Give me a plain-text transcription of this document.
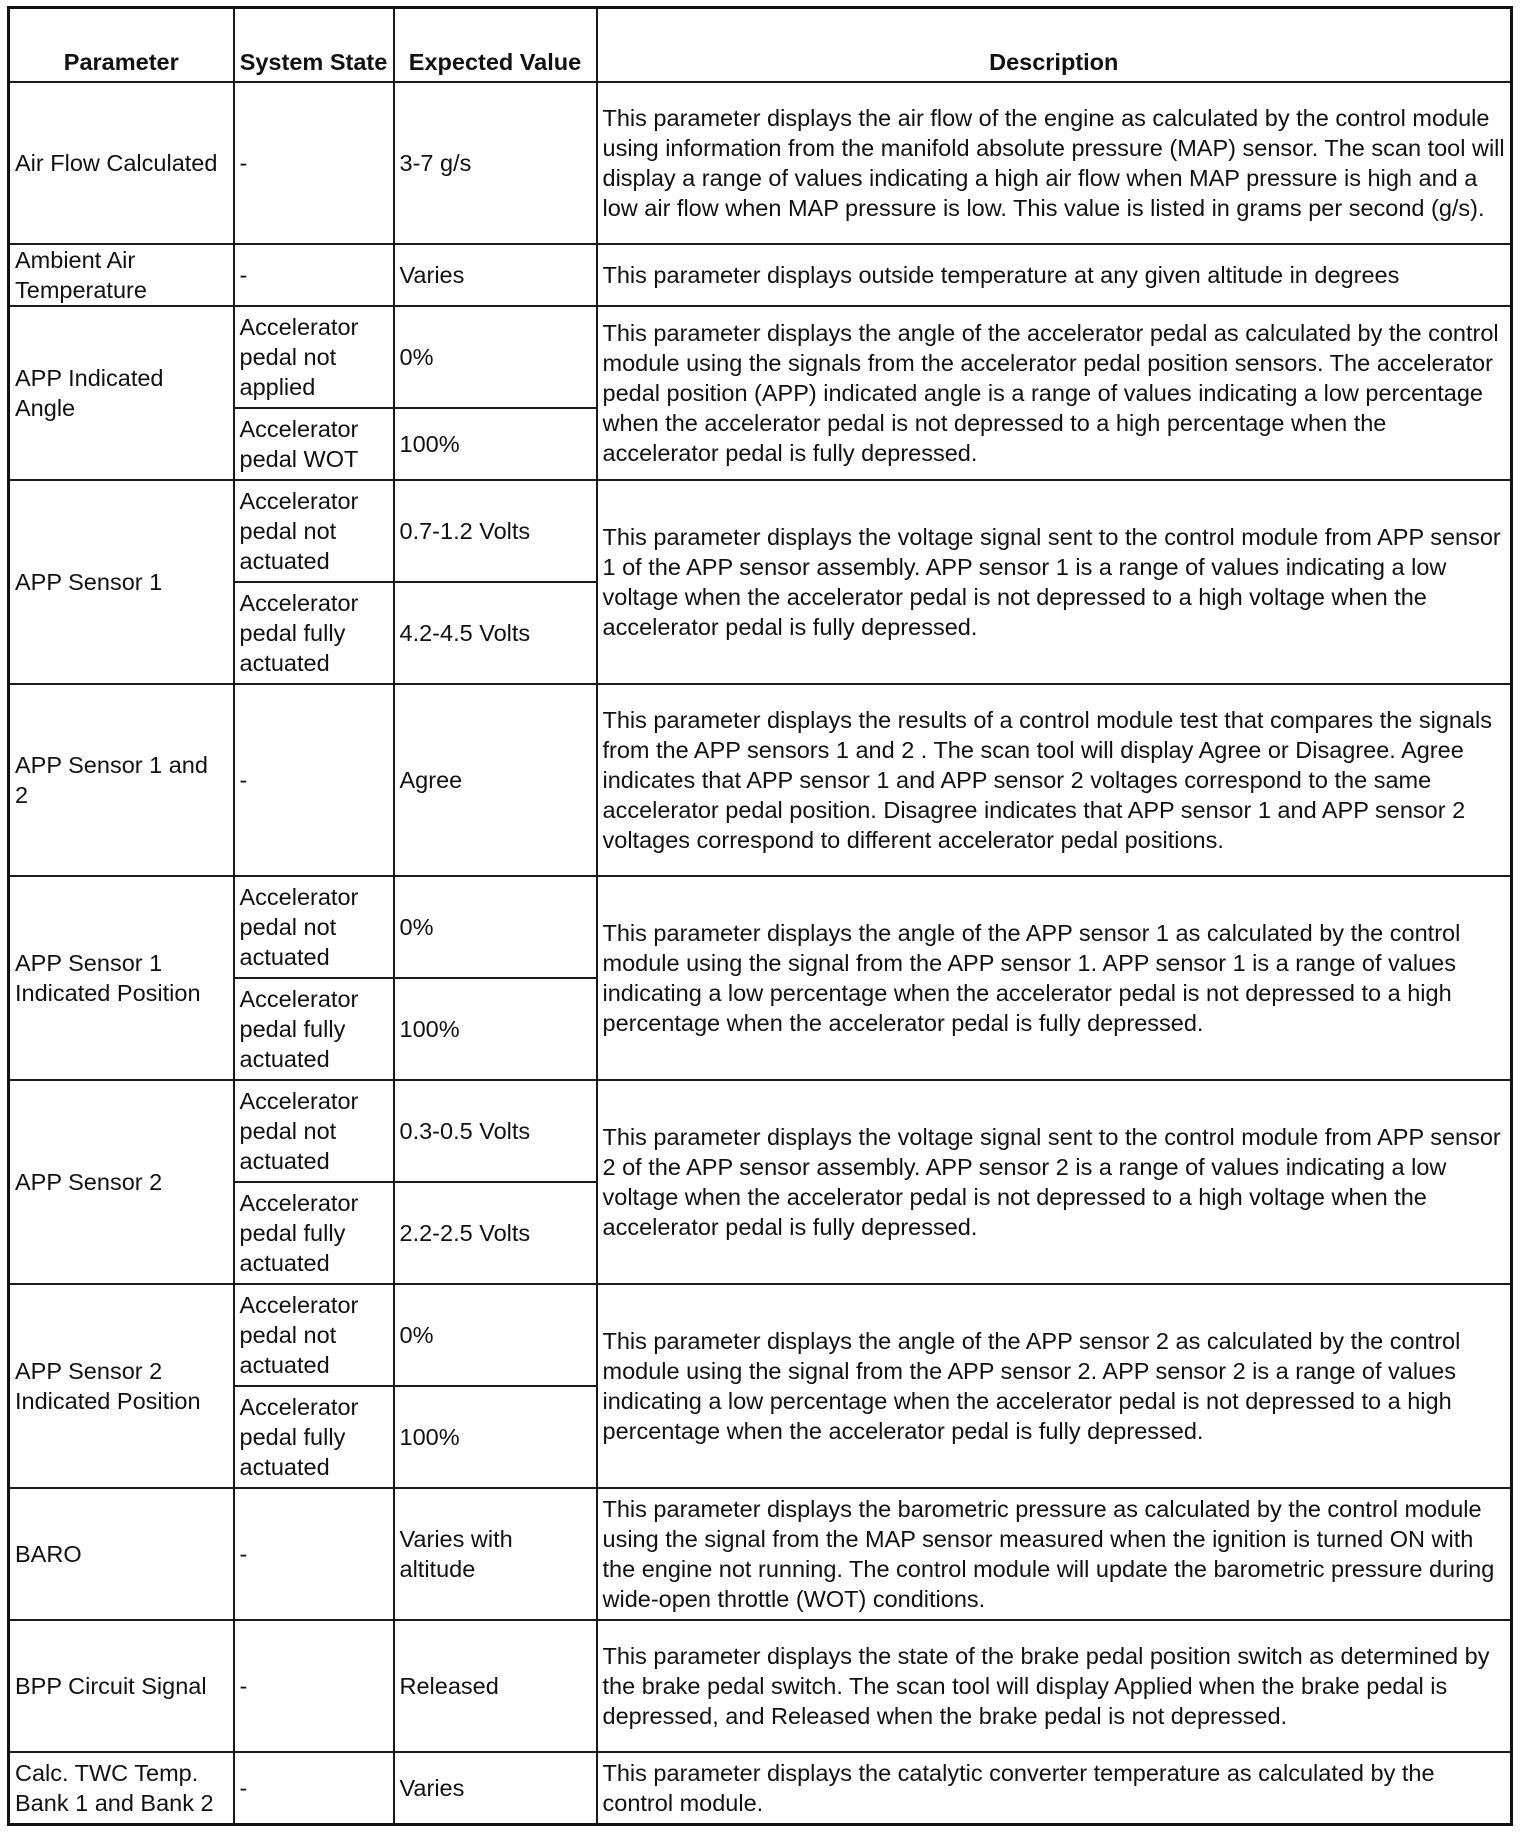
Parameter	System State	Expected Value	Description
Air Flow Calculated	-	3-7 g/s	This parameter displays the air flow of the engine as calculated by the control module using information from the manifold absolute pressure (MAP) sensor. The scan tool will display a range of values indicating a high air flow when MAP pressure is high and a low air flow when MAP pressure is low. This value is listed in grams per second (g/s).
Ambient Air Temperature	-	Varies	This parameter displays outside temperature at any given altitude in degrees
APP Indicated Angle	Accelerator pedal not applied	0%	This parameter displays the angle of the accelerator pedal as calculated by the control module using the signals from the accelerator pedal position sensors. The accelerator pedal position (APP) indicated angle is a range of values indicating a low percentage when the accelerator pedal is not depressed to a high percentage when the accelerator pedal is fully depressed.
	Accelerator pedal WOT	100%	
APP Sensor 1	Accelerator pedal not actuated	0.7-1.2 Volts	This parameter displays the voltage signal sent to the control module from APP sensor 1 of the APP sensor assembly. APP sensor 1 is a range of values indicating a low voltage when the accelerator pedal is not depressed to a high voltage when the accelerator pedal is fully depressed.
	Accelerator pedal fully actuated	4.2-4.5 Volts	
APP Sensor 1 and 2	-	Agree	This parameter displays the results of a control module test that compares the signals from the APP sensors 1 and 2 . The scan tool will display Agree or Disagree. Agree indicates that APP sensor 1 and APP sensor 2 voltages correspond to the same accelerator pedal position. Disagree indicates that APP sensor 1 and APP sensor 2 voltages correspond to different accelerator pedal positions.
APP Sensor 1 Indicated Position	Accelerator pedal not actuated	0%	This parameter displays the angle of the APP sensor 1 as calculated by the control module using the signal from the APP sensor 1. APP sensor 1 is a range of values indicating a low percentage when the accelerator pedal is not depressed to a high percentage when the accelerator pedal is fully depressed.
	Accelerator pedal fully actuated	100%	
APP Sensor 2	Accelerator pedal not actuated	0.3-0.5 Volts	This parameter displays the voltage signal sent to the control module from APP sensor 2 of the APP sensor assembly. APP sensor 2 is a range of values indicating a low voltage when the accelerator pedal is not depressed to a high voltage when the accelerator pedal is fully depressed.
	Accelerator pedal fully actuated	2.2-2.5 Volts	
APP Sensor 2 Indicated Position	Accelerator pedal not actuated	0%	This parameter displays the angle of the APP sensor 2 as calculated by the control module using the signal from the APP sensor 2. APP sensor 2 is a range of values indicating a low percentage when the accelerator pedal is not depressed to a high percentage when the accelerator pedal is fully depressed.
	Accelerator pedal fully actuated	100%	
BARO	-	Varies with altitude	This parameter displays the barometric pressure as calculated by the control module using the signal from the MAP sensor measured when the ignition is turned ON with the engine not running. The control module will update the barometric pressure during wide-open throttle (WOT) conditions.
BPP Circuit Signal	-	Released	This parameter displays the state of the brake pedal position switch as determined by the brake pedal switch. The scan tool will display Applied when the brake pedal is depressed, and Released when the brake pedal is not depressed.
Calc. TWC Temp. Bank 1 and Bank 2	-	Varies	This parameter displays the catalytic converter temperature as calculated by the control module.
